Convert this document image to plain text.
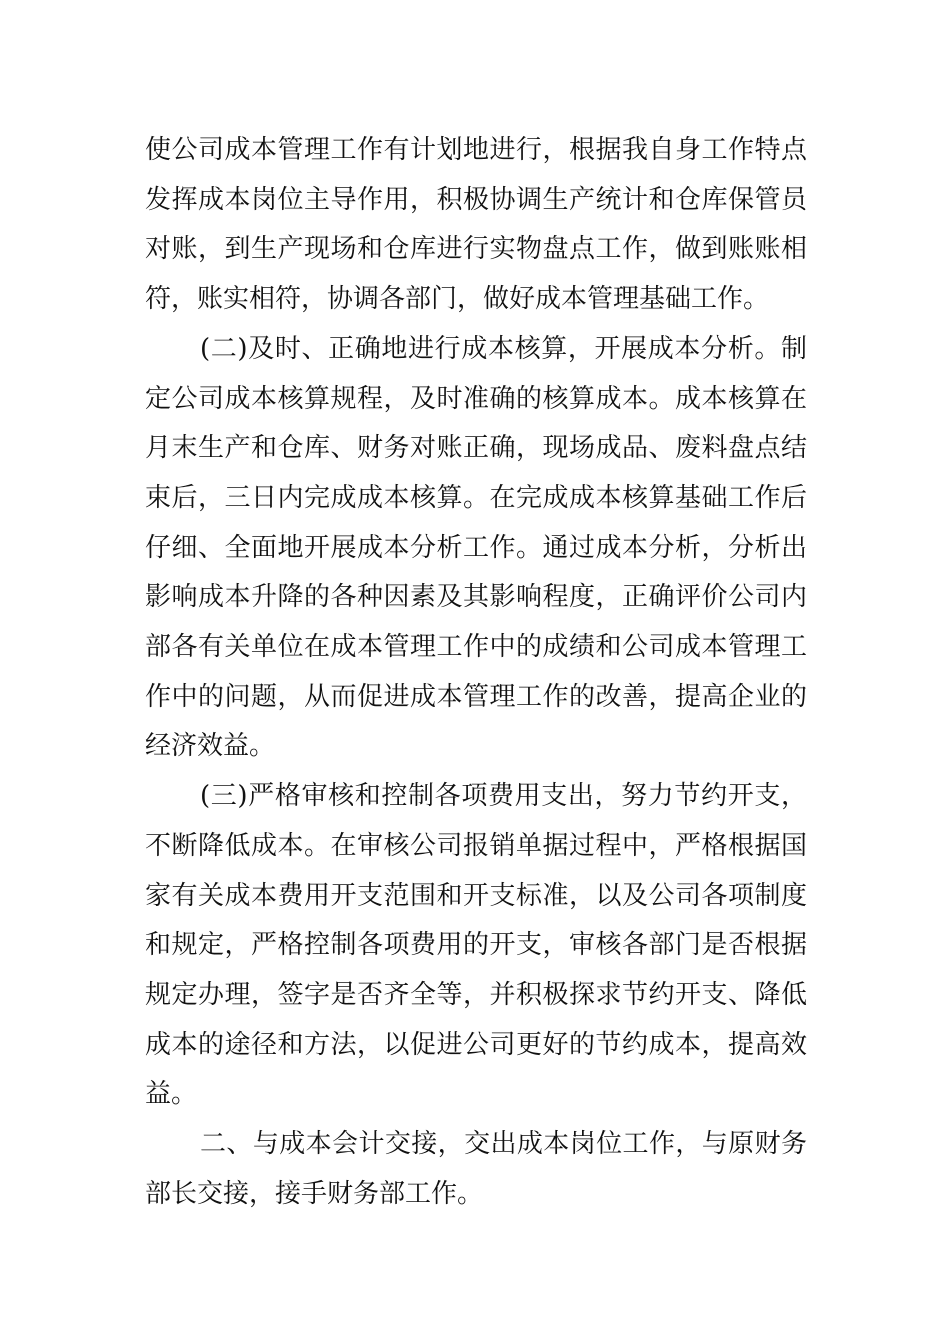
使公司成本管理工作有计划地进行，根据我自身工作特点发挥成本岗位主导作用，积极协调生产统计和仓库保管员对账，到生产现场和仓库进行实物盘点工作，做到账账相符，账实相符，协调各部门，做好成本管理基础工作。

(二)及时、正确地进行成本核算，开展成本分析。制定公司成本核算规程，及时准确的核算成本。成本核算在月末生产和仓库、财务对账正确，现场成品、废料盘点结束后，三日内完成成本核算。在完成成本核算基础工作后仔细、全面地开展成本分析工作。通过成本分析，分析出影响成本升降的各种因素及其影响程度，正确评价公司内部各有关单位在成本管理工作中的成绩和公司成本管理工作中的问题，从而促进成本管理工作的改善，提高企业的经济效益。

(三)严格审核和控制各项费用支出，努力节约开支，不断降低成本。在审核公司报销单据过程中，严格根据国家有关成本费用开支范围和开支标准，以及公司各项制度和规定，严格控制各项费用的开支，审核各部门是否根据规定办理，签字是否齐全等，并积极探求节约开支、降低成本的途径和方法，以促进公司更好的节约成本，提高效益。

二、与成本会计交接，交出成本岗位工作，与原财务部长交接，接手财务部工作。
